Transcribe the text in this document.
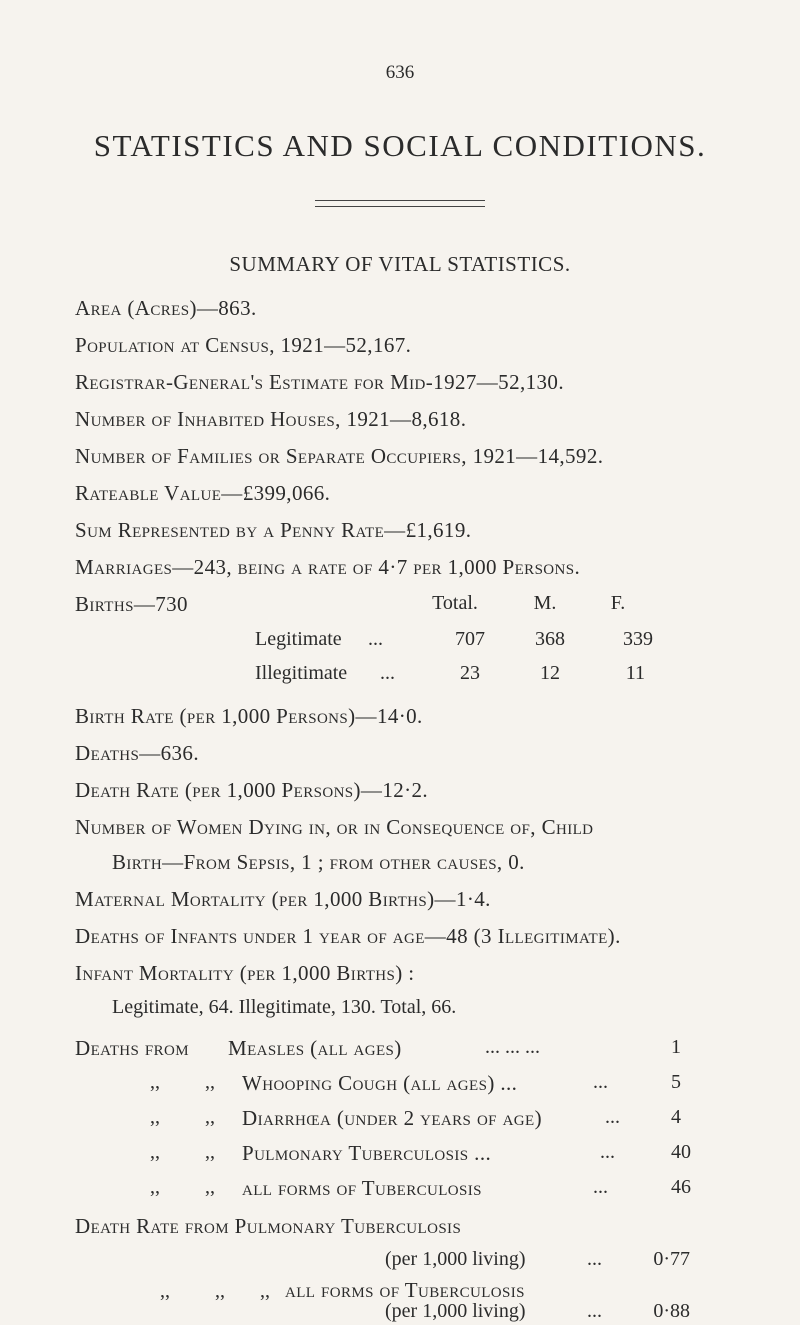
636
STATISTICS AND SOCIAL CONDITIONS.
SUMMARY OF VITAL STATISTICS.
Area (Acres)—863.
Population at Census, 1921—52,167.
Registrar-General's Estimate for Mid-1927—52,130.
Number of Inhabited Houses, 1921—8,618.
Number of Families or Separate Occupiers, 1921—14,592.
Rateable Value—£399,066.
Sum Represented by a Penny Rate—£1,619.
Marriages—243, being a rate of 4·7 per 1,000 Persons.
Births—730	Total.	M.	F.
Legitimate ...	707	368	339
Illegitimate ...	23	12	11
Birth Rate (per 1,000 Persons)—14·0.
Deaths—636.
Death Rate (per 1,000 Persons)—12·2.
Number of Women Dying in, or in Consequence of, Child
Birth—From Sepsis, 1 ; from other causes, 0.
Maternal Mortality (per 1,000 Births)—1·4.
Deaths of Infants under 1 year of age—48 (3 Illegitimate).
Infant Mortality (per 1,000 Births) :
Legitimate, 64. Illegitimate, 130. Total, 66.
Deaths from Measles (all ages)	... ... ...	1
,, ,, Whooping Cough (all ages) ...	...	5
,, ,, Diarrhœa (under 2 years of age)	...	4
,, ,, Pulmonary Tuberculosis ...	...	40
,, ,, all forms of Tuberculosis	...	46
Death Rate from Pulmonary Tuberculosis
(per 1,000 living)	...	0·77
,, ,, ,, all forms of Tuberculosis
(per 1,000 living)	...	0·88
